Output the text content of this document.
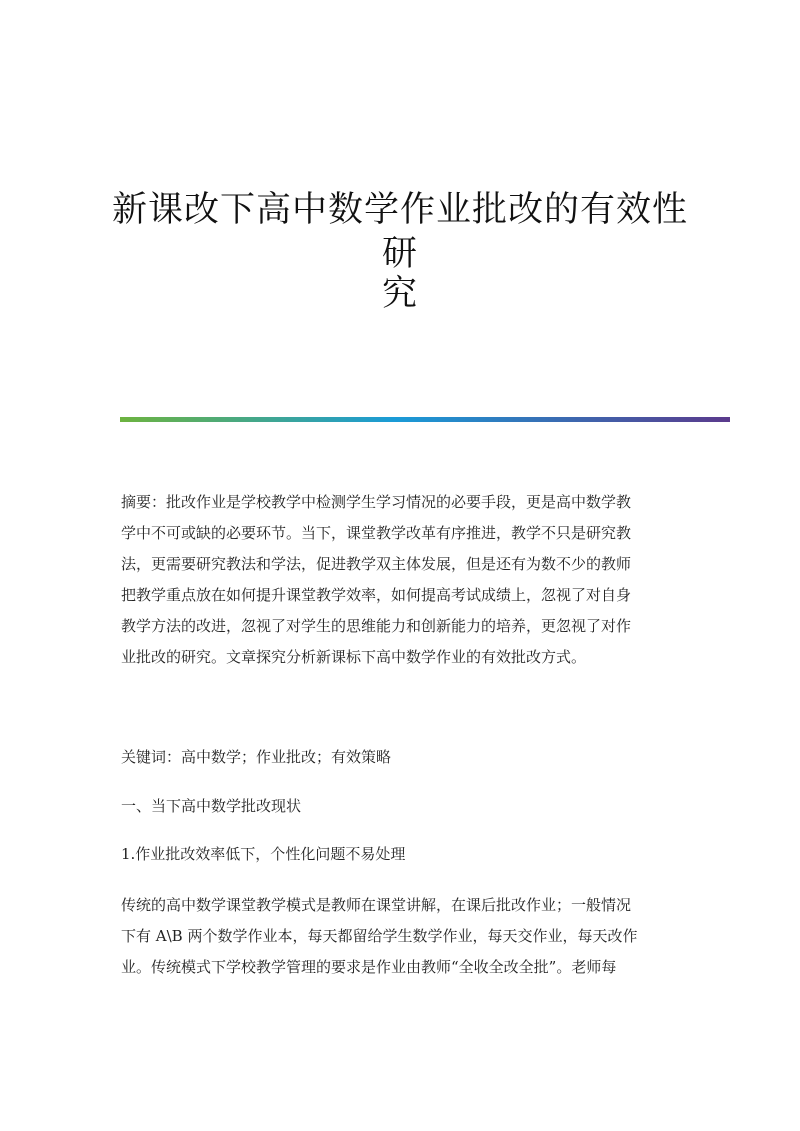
新课改下高中数学作业批改的有效性研
究
摘要：批改作业是学校教学中检测学生学习情况的必要手段，更是高中数学教
学中不可或缺的必要环节。当下，课堂教学改革有序推进，教学不只是研究教
法，更需要研究教法和学法，促进教学双主体发展，但是还有为数不少的教师
把教学重点放在如何提升课堂教学效率，如何提高考试成绩上，忽视了对自身
教学方法的改进，忽视了对学生的思维能力和创新能力的培养，更忽视了对作
业批改的研究。文章探究分析新课标下高中数学作业的有效批改方式。
关键词：高中数学；作业批改；有效策略
一、当下高中数学批改现状
1.作业批改效率低下，个性化问题不易处理
传统的高中数学课堂教学模式是教师在课堂讲解，在课后批改作业；一般情况
下有 A\B 两个数学作业本，每天都留给学生数学作业，每天交作业，每天改作
业。传统模式下学校教学管理的要求是作业由教师“全收全改全批”。老师每
